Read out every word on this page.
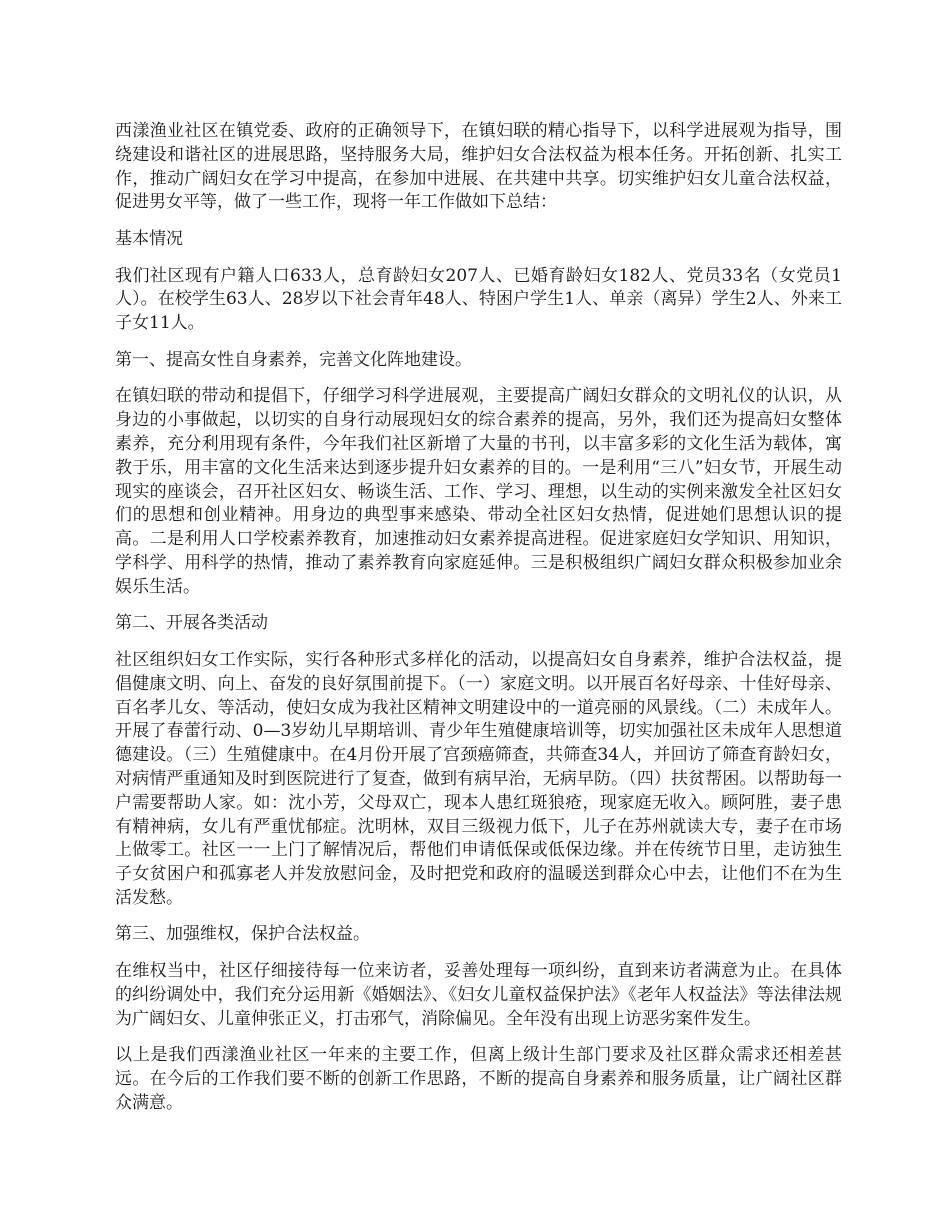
西漾渔业社区在镇党委、政府的正确领导下，在镇妇联的精心指导下，以科学进展观为指导，围绕建设和谐社区的进展思路，坚持服务大局，维护妇女合法权益为根本任务。开拓创新、扎实工作，推动广阔妇女在学习中提高，在参加中进展、在共建中共享。切实维护妇女儿童合法权益，促进男女平等，做了一些工作，现将一年工作做如下总结：

基本情况

我们社区现有户籍人口633人，总育龄妇女207人、已婚育龄妇女182人、党员33名（女党员1人）。在校学生63人、28岁以下社会青年48人、特困户学生1人、单亲（离异）学生2人、外来工子女11人。

第一、提高女性自身素养，完善文化阵地建设。

在镇妇联的带动和提倡下，仔细学习科学进展观，主要提高广阔妇女群众的文明礼仪的认识，从身边的小事做起，以切实的自身行动展现妇女的综合素养的提高，另外，我们还为提高妇女整体素养，充分利用现有条件，今年我们社区新增了大量的书刊，以丰富多彩的文化生活为载体，寓教于乐，用丰富的文化生活来达到逐步提升妇女素养的目的。一是利用“三八”妇女节，开展生动现实的座谈会，召开社区妇女、畅谈生活、工作、学习、理想，以生动的实例来激发全社区妇女们的思想和创业精神。用身边的典型事来感染、带动全社区妇女热情，促进她们思想认识的提高。二是利用人口学校素养教育，加速推动妇女素养提高进程。促进家庭妇女学知识、用知识，学科学、用科学的热情，推动了素养教育向家庭延伸。三是积极组织广阔妇女群众积极参加业余娱乐生活。

第二、开展各类活动

社区组织妇女工作实际，实行各种形式多样化的活动，以提高妇女自身素养，维护合法权益，提倡健康文明、向上、奋发的良好氛围前提下。（一）家庭文明。以开展百名好母亲、十佳好母亲、百名孝儿女、等活动，使妇女成为我社区精神文明建设中的一道亮丽的风景线。（二）未成年人。开展了春蕾行动、0—3岁幼儿早期培训、青少年生殖健康培训等，切实加强社区未成年人思想道德建设。（三）生殖健康中。在4月份开展了宫颈癌筛查，共筛查34人，并回访了筛查育龄妇女，对病情严重通知及时到医院进行了复查，做到有病早治，无病早防。（四）扶贫帮困。以帮助每一户需要帮助人家。如：沈小芳，父母双亡，现本人患红斑狼疮，现家庭无收入。顾阿胜，妻子患有精神病，女儿有严重忧郁症。沈明林，双目三级视力低下，儿子在苏州就读大专，妻子在市场上做零工。社区一一上门了解情况后，帮他们申请低保或低保边缘。并在传统节日里，走访独生子女贫困户和孤寡老人并发放慰问金，及时把党和政府的温暖送到群众心中去，让他们不在为生活发愁。

第三、加强维权，保护合法权益。

在维权当中，社区仔细接待每一位来访者，妥善处理每一项纠纷，直到来访者满意为止。在具体的纠纷调处中，我们充分运用新《婚姻法》、《妇女儿童权益保护法》《老年人权益法》等法律法规为广阔妇女、儿童伸张正义，打击邪气，消除偏见。全年没有出现上访恶劣案件发生。

以上是我们西漾渔业社区一年来的主要工作，但离上级计生部门要求及社区群众需求还相差甚远。在今后的工作我们要不断的创新工作思路，不断的提高自身素养和服务质量，让广阔社区群众满意。
